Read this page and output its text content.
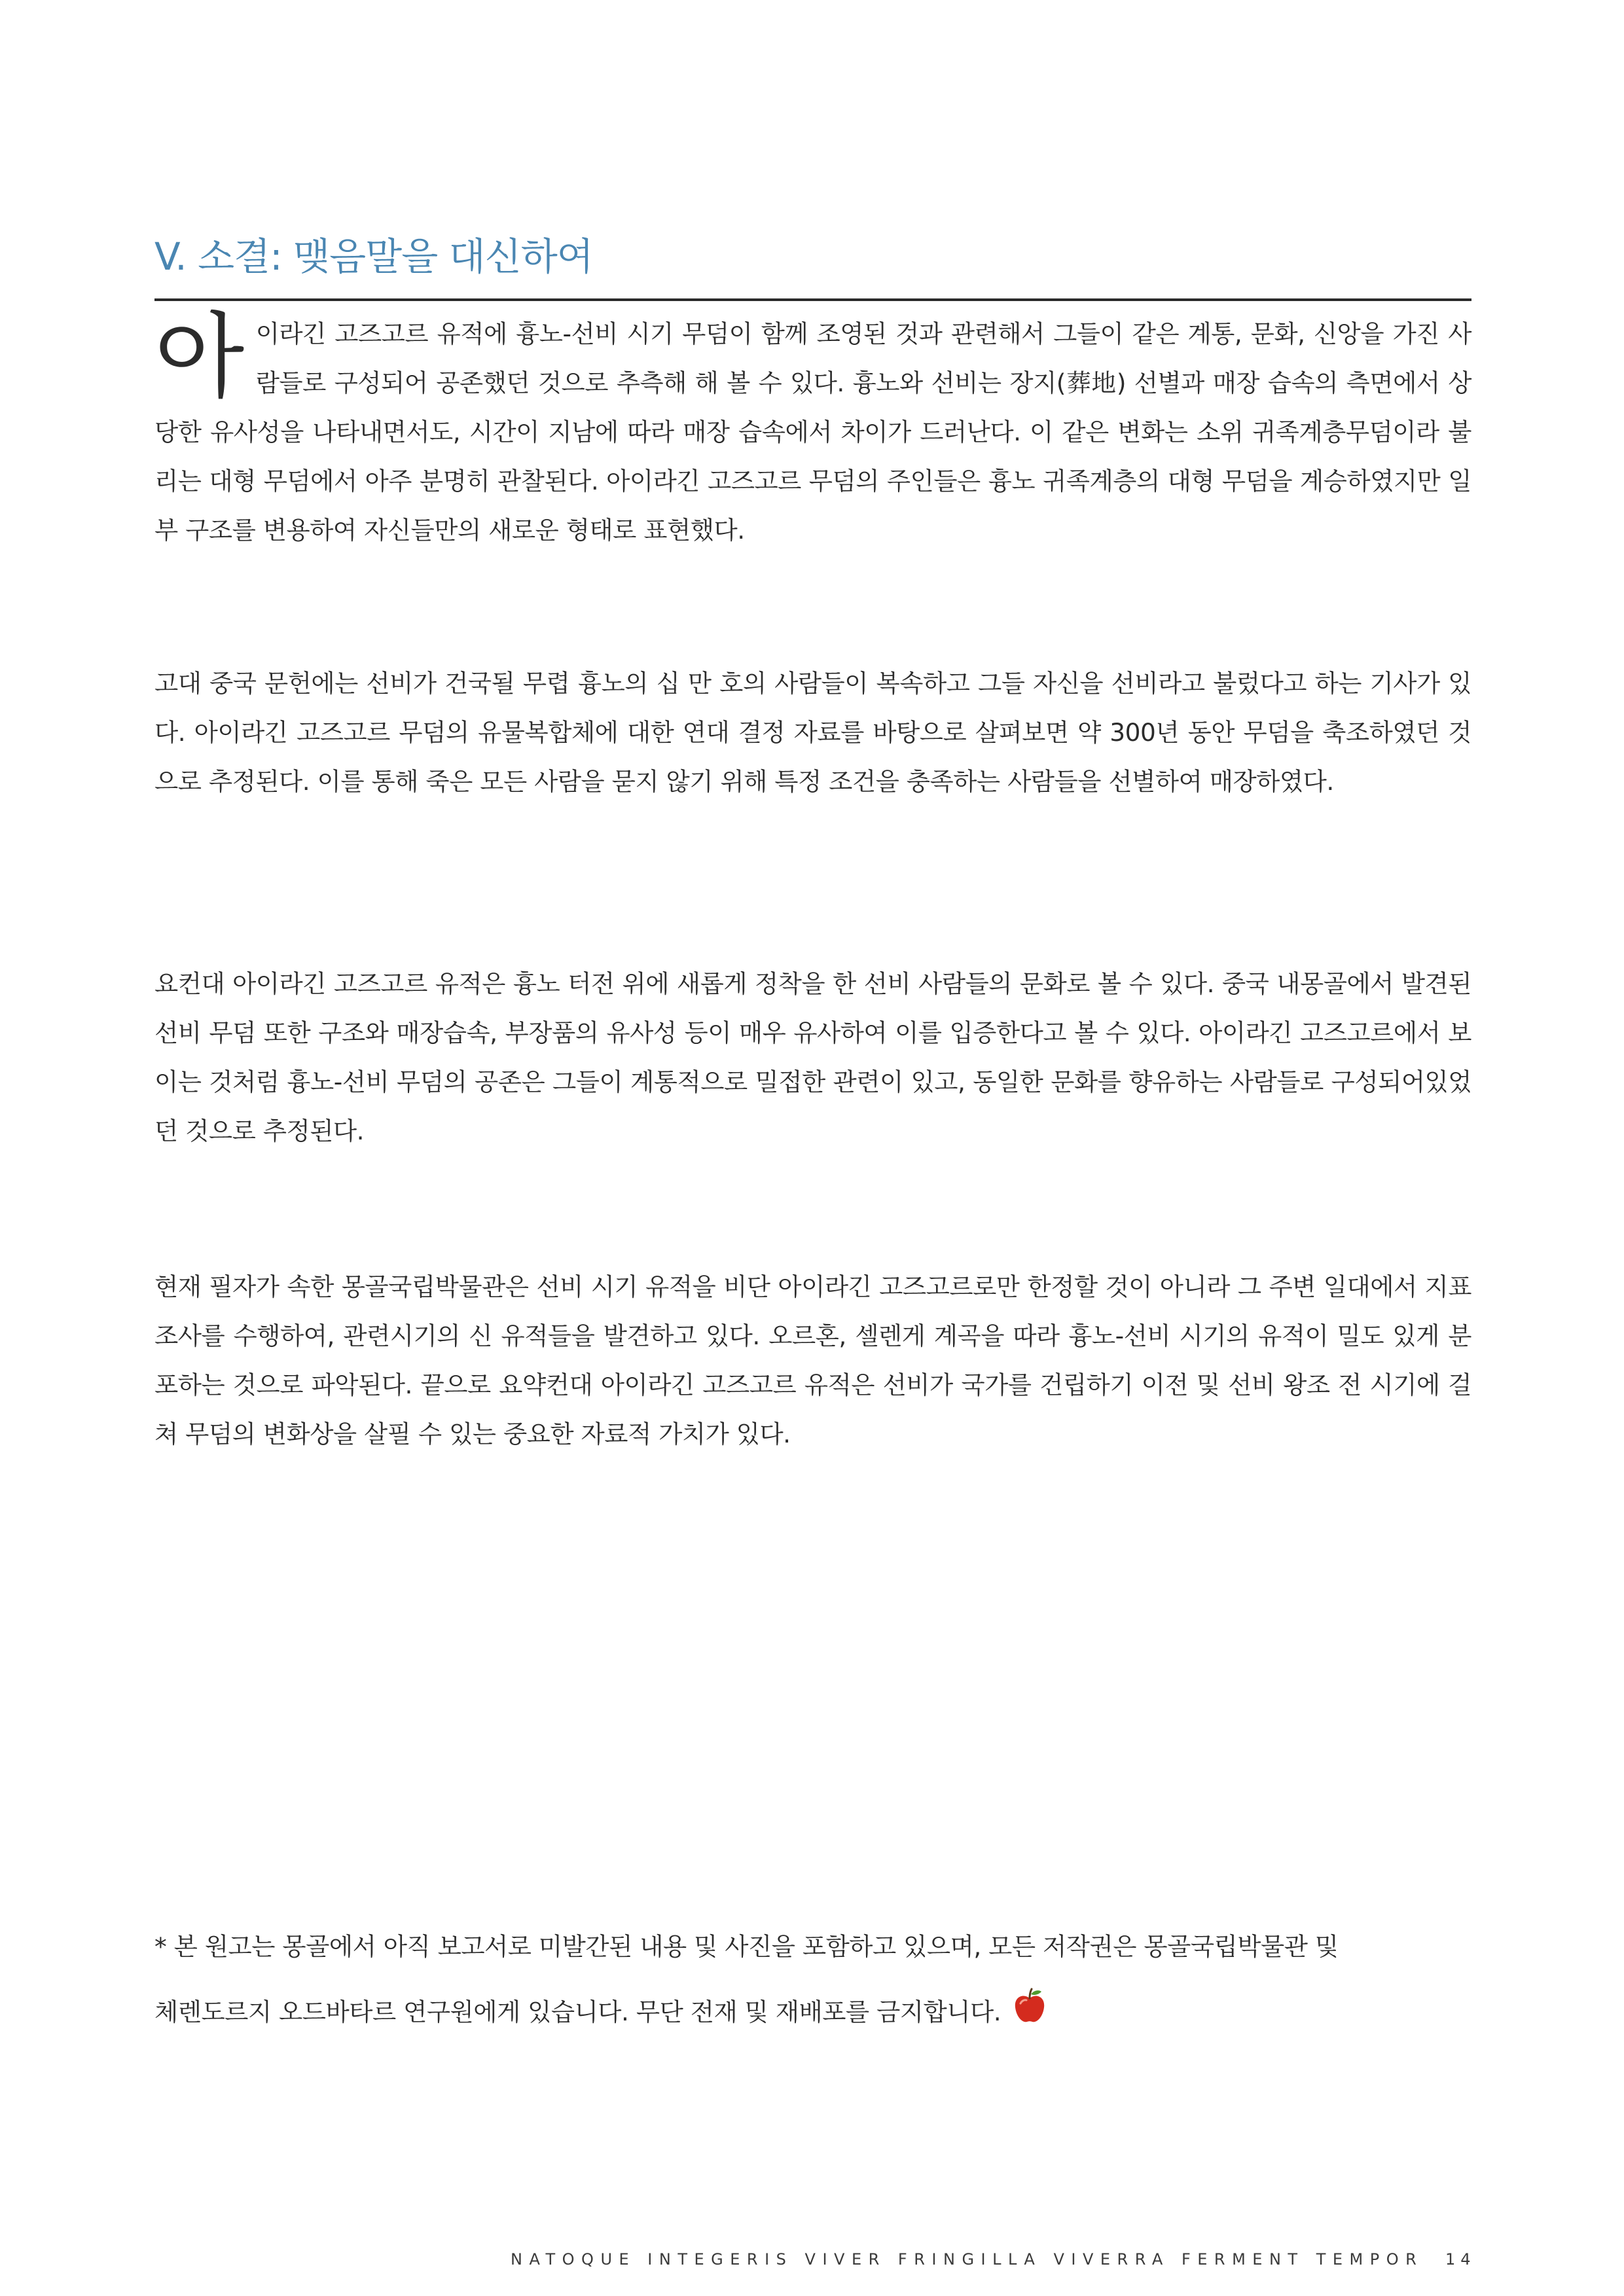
V. 소결: 맺음말을 대신하여

아이라긴 고즈고르 유적에 흉노-선비 시기 무덤이 함께 조영된 것과 관련해서 그들이 같은 계통, 문화, 신앙을 가진 사람들로 구성되어 공존했던 것으로 추측해 해 볼 수 있다. 흉노와 선비는 장지(葬地) 선별과 매장 습속의 측면에서 상당한 유사성을 나타내면서도, 시간이 지남에 따라 매장 습속에서 차이가 드러난다. 이 같은 변화는 소위 귀족계층무덤이라 불리는 대형 무덤에서 아주 분명히 관찰된다. 아이라긴 고즈고르 무덤의 주인들은 흉노 귀족계층의 대형 무덤을 계승하였지만 일부 구조를 변용하여 자신들만의 새로운 형태로 표현했다.

고대 중국 문헌에는 선비가 건국될 무렵 흉노의 십 만 호의 사람들이 복속하고 그들 자신을 선비라고 불렀다고 하는 기사가 있다. 아이라긴 고즈고르 무덤의 유물복합체에 대한 연대 결정 자료를 바탕으로 살펴보면 약 300년 동안 무덤을 축조하였던 것으로 추정된다. 이를 통해 죽은 모든 사람을 묻지 않기 위해 특정 조건을 충족하는 사람들을 선별하여 매장하였다.

요컨대 아이라긴 고즈고르 유적은 흉노 터전 위에 새롭게 정착을 한 선비 사람들의 문화로 볼 수 있다. 중국 내몽골에서 발견된 선비 무덤 또한 구조와 매장습속, 부장품의 유사성 등이 매우 유사하여 이를 입증한다고 볼 수 있다. 아이라긴 고즈고르에서 보이는 것처럼 흉노-선비 무덤의 공존은 그들이 계통적으로 밀접한 관련이 있고, 동일한 문화를 향유하는 사람들로 구성되어있었던 것으로 추정된다.

현재 필자가 속한 몽골국립박물관은 선비 시기 유적을 비단 아이라긴 고즈고르로만 한정할 것이 아니라 그 주변 일대에서 지표 조사를 수행하여, 관련시기의 신 유적들을 발견하고 있다. 오르혼, 셀렌게 계곡을 따라 흉노-선비 시기의 유적이 밀도 있게 분포하는 것으로 파악된다. 끝으로 요약컨대 아이라긴 고즈고르 유적은 선비가 국가를 건립하기 이전 및 선비 왕조 전 시기에 걸쳐 무덤의 변화상을 살필 수 있는 중요한 자료적 가치가 있다.

* 본 원고는 몽골에서 아직 보고서로 미발간된 내용 및 사진을 포함하고 있으며, 모든 저작권은 몽골국립박물관 및
체렌도르지 오드바타르 연구원에게 있습니다. 무단 전재 및 재배포를 금지합니다.

NATOQUE INTEGERIS VIVER FRINGILLA VIVERRA FERMENT TEMPOR 14
